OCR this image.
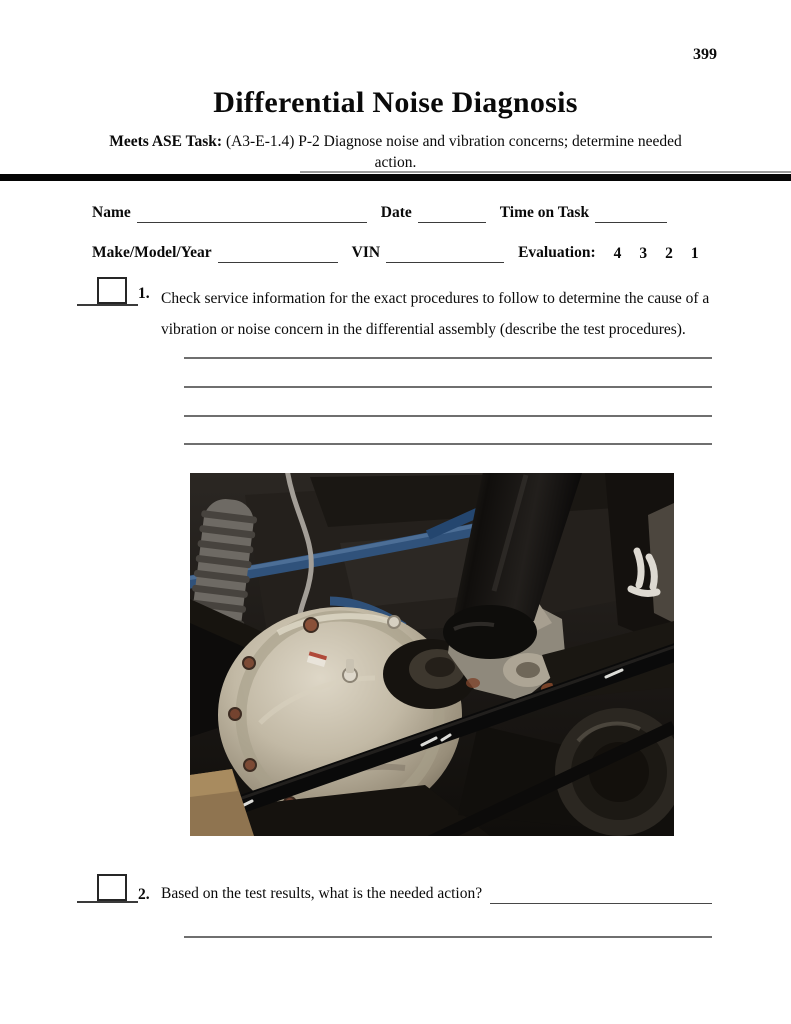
399
Differential Noise Diagnosis
Meets ASE Task: (A3-E-1.4) P-2 Diagnose noise and vibration concerns; determine needed
action.
Name	Date	Time on Task
Make/Model/Year	VIN	Evaluation: 4 3 2 1
1. Check service information for the exact procedures to follow to determine the cause of a vibration or noise concern in the differential assembly (describe the test procedures).
2. Based on the test results, what is the needed action?
